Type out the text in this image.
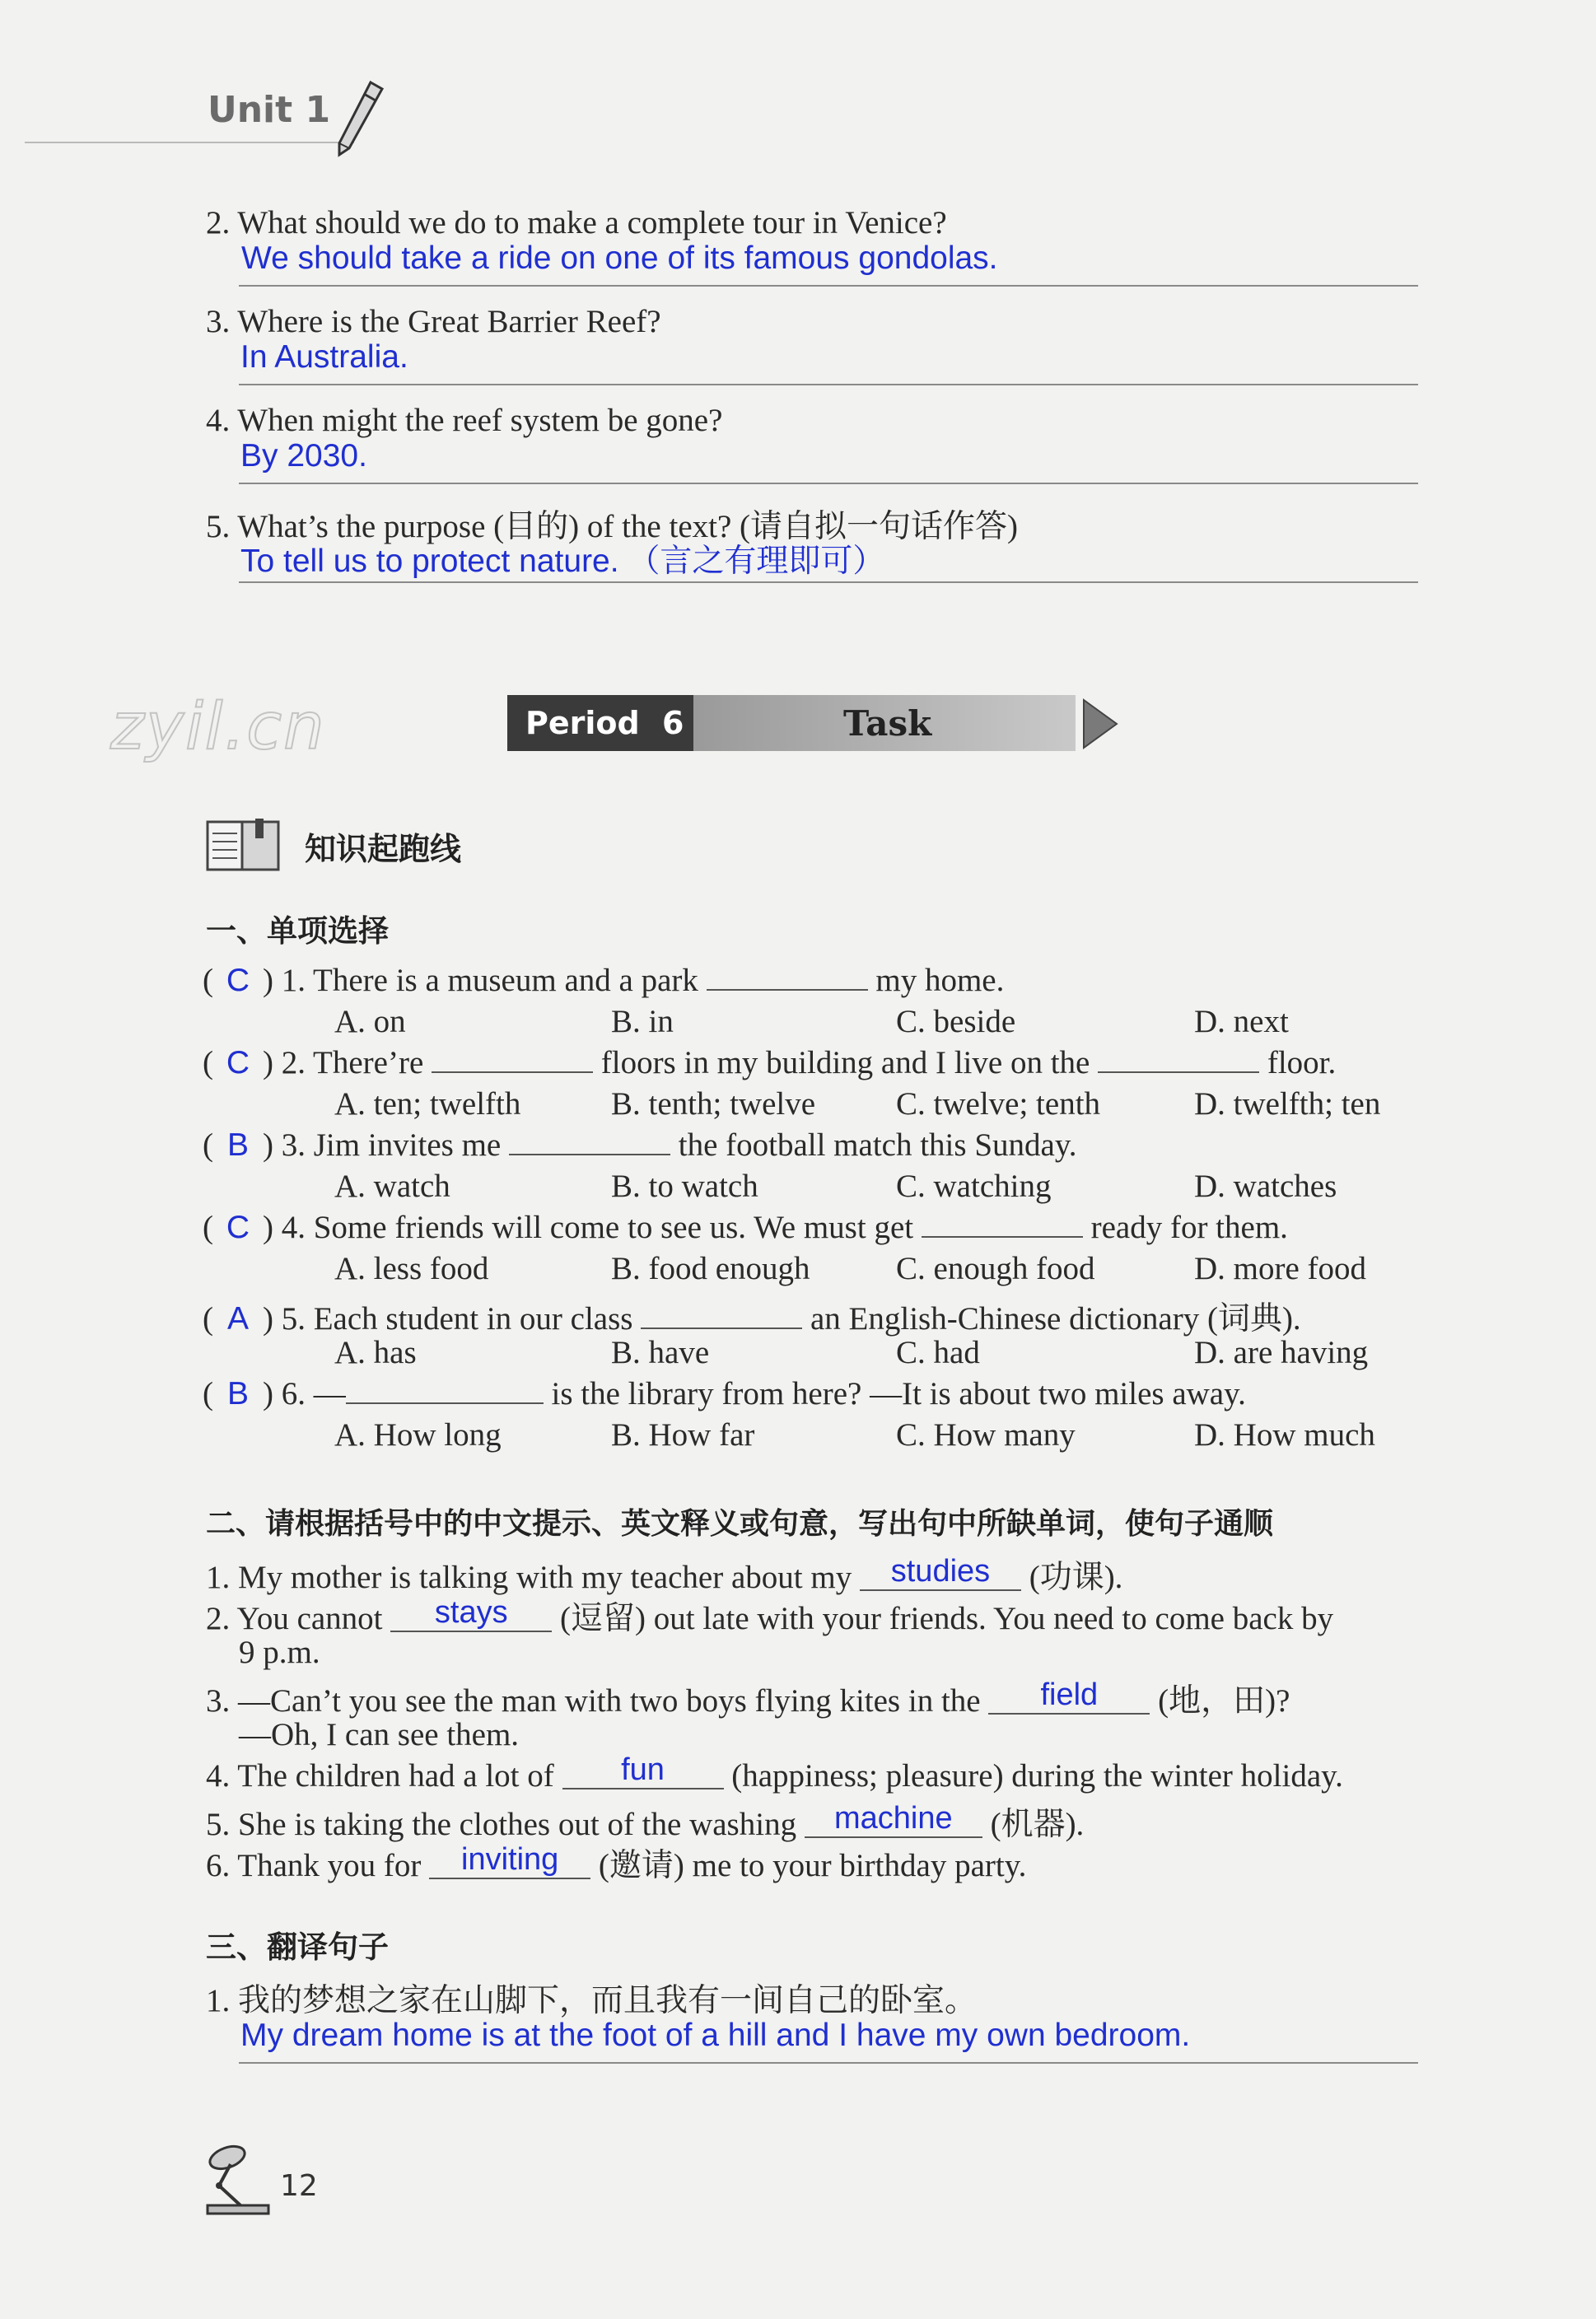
Unit 1
2. What should we do to make a complete tour in Venice?
We should take a ride on one of its famous gondolas.
3. Where is the Great Barrier Reef?
In Australia.
4. When might the reef system be gone?
By 2030.
5. What’s the purpose (目的) of the text? (请自拟一句话作答)
To tell us to protect nature. （言之有理即可）
zyil.cn	Period 6	Task
知识起跑线
一、单项选择
( C ) 1. There is a museum and a park	my home.
A. on	B. in	C. beside	D. next
( C ) 2. There’re	floors in my building and I live on the	floor.
A. ten; twelfth	B. tenth; twelve	C. twelve; tenth	D. twelfth; ten
( B ) 3. Jim invites me	the football match this Sunday.
A. watch	B. to watch	C. watching	D. watches
( C ) 4. Some friends will come to see us. We must get	ready for them.
A. less food	B. food enough	C. enough food	D. more food
( A ) 5. Each student in our class	an English-Chinese dictionary (词典).
A. has	B. have	C. had	D. are having
( B ) 6. —	is the library from here? —It is about two miles away.
A. How long	B. How far	C. How many	D. How much
二、请根据括号中的中文提示、英文释义或句意，写出句中所缺单词，使句子通顺
1. My mother is talking with my teacher about my studies (功课).
2. You cannot stays (逗留) out late with your friends. You need to come back by
9 p.m.
3. —Can’t you see the man with two boys flying kites in the field (地，田)?
—Oh, I can see them.
4. The children had a lot of fun (happiness; pleasure) during the winter holiday.
5. She is taking the clothes out of the washing machine (机器).
6. Thank you for inviting (邀请) me to your birthday party.
三、翻译句子
1. 我的梦想之家在山脚下，而且我有一间自己的卧室。
My dream home is at the foot of a hill and I have my own bedroom.
12
